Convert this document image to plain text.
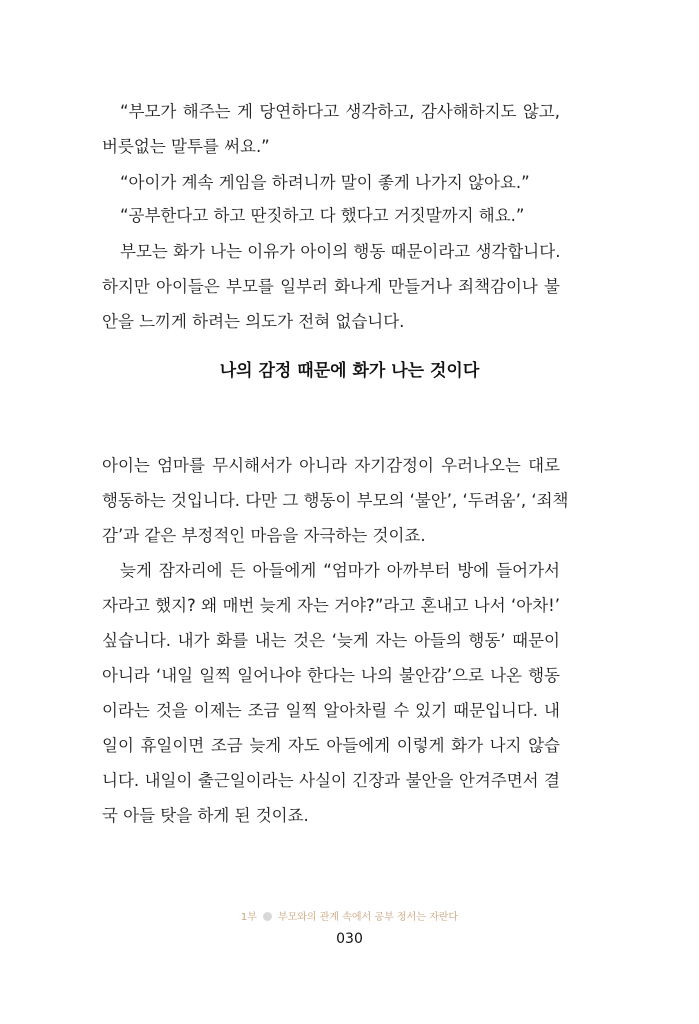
“부모가 해주는 게 당연하다고 생각하고, 감사해하지도 않고,
버릇없는 말투를 써요.”
“아이가 계속 게임을 하려니까 말이 좋게 나가지 않아요.”
“공부한다고 하고 딴짓하고 다 했다고 거짓말까지 해요.”
부모는 화가 나는 이유가 아이의 행동 때문이라고 생각합니다.
하지만 아이들은 부모를 일부러 화나게 만들거나 죄책감이나 불
안을 느끼게 하려는 의도가 전혀 없습니다.
나의 감정 때문에 화가 나는 것이다
아이는 엄마를 무시해서가 아니라 자기감정이 우러나오는 대로
행동하는 것입니다. 다만 그 행동이 부모의 ‘불안’, ‘두려움’, ‘죄책
감’과 같은 부정적인 마음을 자극하는 것이죠.
늦게 잠자리에 든 아들에게 “엄마가 아까부터 방에 들어가서
자라고 했지? 왜 매번 늦게 자는 거야?”라고 혼내고 나서 ‘아차!’
싶습니다. 내가 화를 내는 것은 ‘늦게 자는 아들의 행동’ 때문이
아니라 ‘내일 일찍 일어나야 한다는 나의 불안감’으로 나온 행동
이라는 것을 이제는 조금 일찍 알아차릴 수 있기 때문입니다. 내
일이 휴일이면 조금 늦게 자도 아들에게 이렇게 화가 나지 않습
니다. 내일이 출근일이라는 사실이 긴장과 불안을 안겨주면서 결
국 아들 탓을 하게 된 것이죠.
1부 부모와의 관계 속에서 공부 정서는 자란다
030
